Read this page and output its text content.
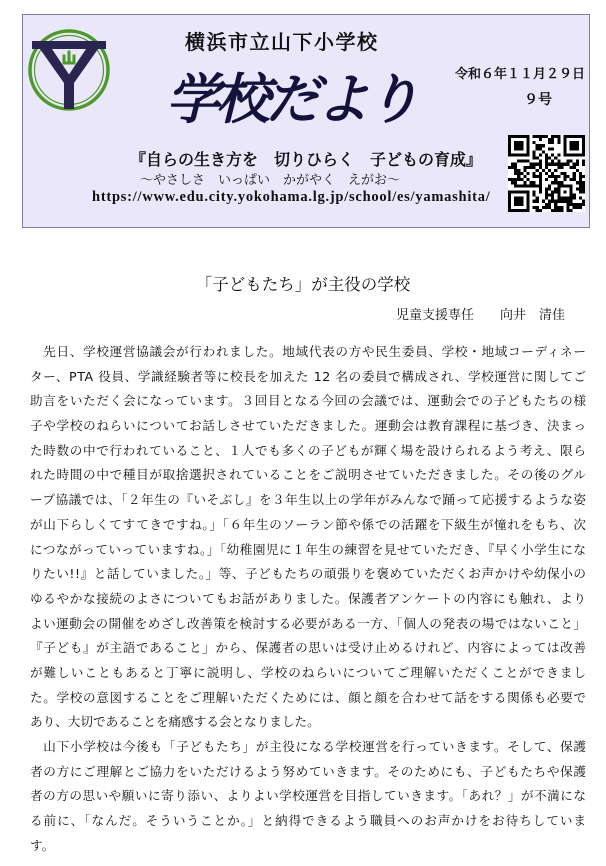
横浜市立山下小学校
学校だより	令和６年１１月２９日
９号
『自らの生き方を　切りひらく　子どもの育成』
～やさしさ　いっぱい　かがやく　えがお～
https://www.edu.city.yokohama.lg.jp/school/es/yamashita/
「子どもたち」が主役の学校
児童支援専任　　向井　清佳
　先日、学校運営協議会が行われました。地域代表の方や民生委員、学校・地域コーディネー
ター、PTA 役員、学識経験者等に校長を加えた 12 名の委員で構成され、学校運営に関してご
助言をいただく会になっています。３回目となる今回の会議では、運動会での子どもたちの様
子や学校のねらいについてお話しさせていただきました。運動会は教育課程に基づき、決まっ
た時数の中で行われていること、１人でも多くの子どもが輝く場を設けられるよう考え、限ら
れた時間の中で種目が取捨選択されていることをご説明させていただきました。その後のグル
ープ協議では、「２年生の『いそぶし』を３年生以上の学年がみんなで踊って応援するような姿
が山下らしくてすてきですね。」「６年生のソーラン節や係での活躍を下級生が憧れをもち、次
につながっていっていますね。」「幼稚園児に１年生の練習を見せていただき、『早く小学生にな
りたい!!』と話していました。」等、子どもたちの頑張りを褒めていただくお声かけや幼保小の
ゆるやかな接続のよさについてもお話がありました。保護者アンケートの内容にも触れ、より
よい運動会の開催をめざし改善策を検討する必要がある一方、「個人の発表の場ではないこと」
『子ども』が主語であること」から、保護者の思いは受け止めるけれど、内容によっては改善
が難しいこともあると丁寧に説明し、学校のねらいについてご理解いただくことができまし
た。学校の意図することをご理解いただくためには、顔と顔を合わせて話をする関係も必要で
あり、大切であることを痛感する会となりました。
　山下小学校は今後も「子どもたち」が主役になる学校運営を行っていきます。そして、保護
者の方にご理解とご協力をいただけるよう努めていきます。そのためにも、子どもたちや保護
者の方の思いや願いに寄り添い、よりよい学校運営を目指していきます。「あれ？」が不満にな
る前に、「なんだ。そういうことか。」と納得できるよう職員へのお声かけをお待ちしていま
す。
